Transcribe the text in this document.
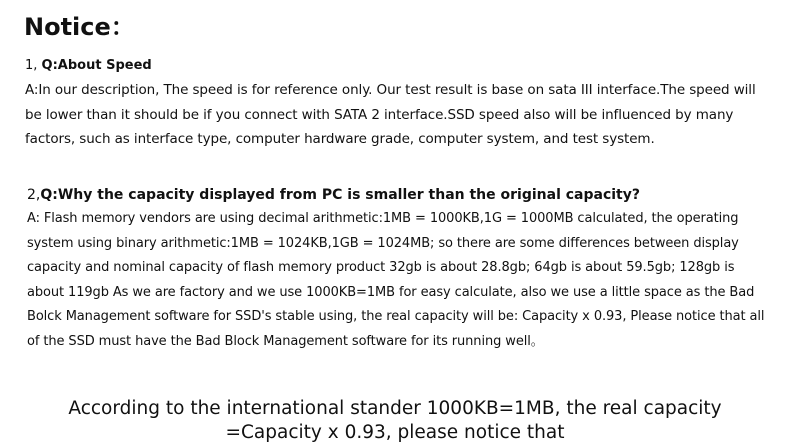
Notice：
1, Q:About Speed
A:In our description, The speed is for reference only. Our test result is base on sata III interface.The speed will be lower than it should be if you connect with SATA 2 interface.SSD speed also will be influenced by many factors, such as interface type, computer hardware grade, computer system, and test system.
2,Q:Why the capacity displayed from PC is smaller than the original capacity?
A: Flash memory vendors are using decimal arithmetic:1MB = 1000KB,1G = 1000MB calculated, the operating system using binary arithmetic:1MB = 1024KB,1GB = 1024MB; so there are some differences between display capacity and nominal capacity of flash memory product 32gb is about 28.8gb; 64gb is about 59.5gb; 128gb is about 119gb As we are factory and we use 1000KB=1MB for easy calculate, also we use a little space as the Bad Bolck Management software for SSD's stable using, the real capacity will be: Capacity x 0.93, Please notice that all of the SSD must have the Bad Block Management software for its running well。
According to the international stander 1000KB=1MB, the real capacity
=Capacity x 0.93, please notice that
